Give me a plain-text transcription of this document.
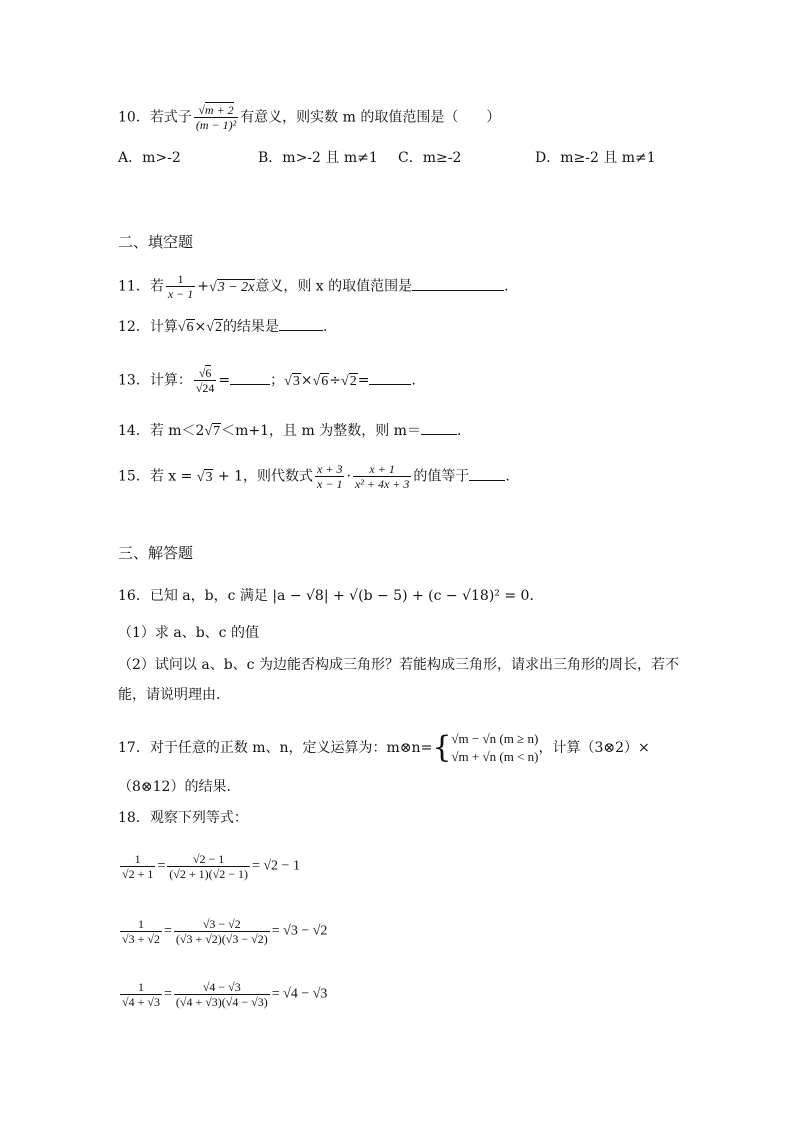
10．若式子 $\frac{√m + 2}{\text{(m − 1)²}}$ 有意义，则实数 m 的取值范围是（　　）
A．m>-2	B．m>-2 且 m≠1 C．m≥-2	D．m≥-2 且 m≠1
二、填空题
11．若 $\frac{1}{x - 1} +√3 - 2x$意义，则 x 的取值范围是	.
12．计算√6×√2的结果是	.
13．计算： $\frac{√6}{√24}$ =	；√3×√6÷√2=	.
14．若 m＜2√7＜m+1，且 m 为整数，则 m＝	.
15．若 x = √3 + 1，则代数式 $\frac{x + 3}{x - 1} \cdot \frac{x + 1}{\text{x² + 4x + 3}}$ 的值等于	.
三、解答题
16．已知 a，b，c 满足 |a − √8| + √(b − 5) + (c − √18)² = 0．
（1）求 a、b、c 的值
（2）试问以 a、b、c 为边能否构成三角形？若能构成三角形，请求出三角形的周长，若不
能，请说明理由．
17．对于任意的正数 m、n，定义运算为：m⊗n={ √m − √n (m ≥ n)
√m + √n (m < n)
，计算（3⊗2）×
（8⊗12）的结果.
18．观察下列等式：
$\frac{1}{√2 + 1} = \frac{√2 - 1}{(√2 + 1)(√2 - 1)} = √2 - 1$
$\frac{1}{√3 + √2} = \frac{√3 - √2}{(√3 + √2)(√3 - √2)} = √3 - √2$
$\frac{1}{√4 + √3} = \frac{√4 - √3}{(√4 + √3)(√4 - √3)} = √4 - √3$
